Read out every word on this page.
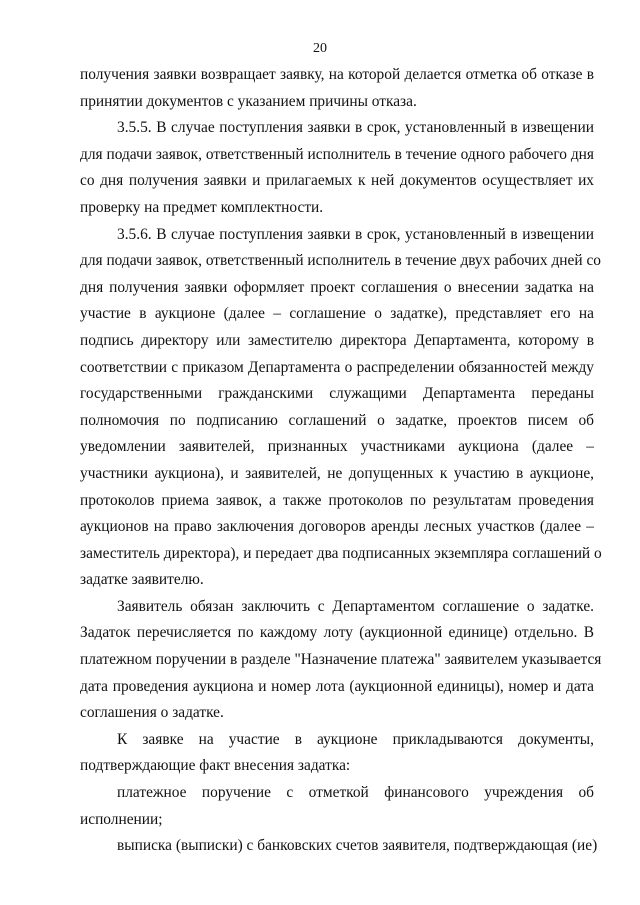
20
получения заявки возвращает заявку, на которой делается отметка об отказе в
принятии документов с указанием причины отказа.
3.5.5. В случае поступления заявки в срок, установленный в извещении
для подачи заявок, ответственный исполнитель в течение одного рабочего дня
со дня получения заявки и прилагаемых к ней документов осуществляет их
проверку на предмет комплектности.
3.5.6. В случае поступления заявки в срок, установленный в извещении
для подачи заявок, ответственный исполнитель в течение двух рабочих дней со
дня получения заявки оформляет проект соглашения о внесении задатка на
участие в аукционе (далее – соглашение о задатке), представляет его на
подпись директору или заместителю директора Департамента, которому в
соответствии с приказом Департамента о распределении обязанностей между
государственными гражданскими служащими Департамента переданы
полномочия по подписанию соглашений о задатке, проектов писем об
уведомлении заявителей, признанных участниками аукциона (далее –
участники аукциона), и заявителей, не допущенных к участию в аукционе,
протоколов приема заявок, а также протоколов по результатам проведения
аукционов на право заключения договоров аренды лесных участков (далее –
заместитель директора), и передает два подписанных экземпляра соглашений о
задатке заявителю.
Заявитель обязан заключить с Департаментом соглашение о задатке.
Задаток перечисляется по каждому лоту (аукционной единице) отдельно. В
платежном поручении в разделе "Назначение платежа" заявителем указывается
дата проведения аукциона и номер лота (аукционной единицы), номер и дата
соглашения о задатке.
К заявке на участие в аукционе прикладываются документы,
подтверждающие факт внесения задатка:
платежное поручение с отметкой финансового учреждения об
исполнении;
выписка (выписки) с банковских счетов заявителя, подтверждающая (ие)
